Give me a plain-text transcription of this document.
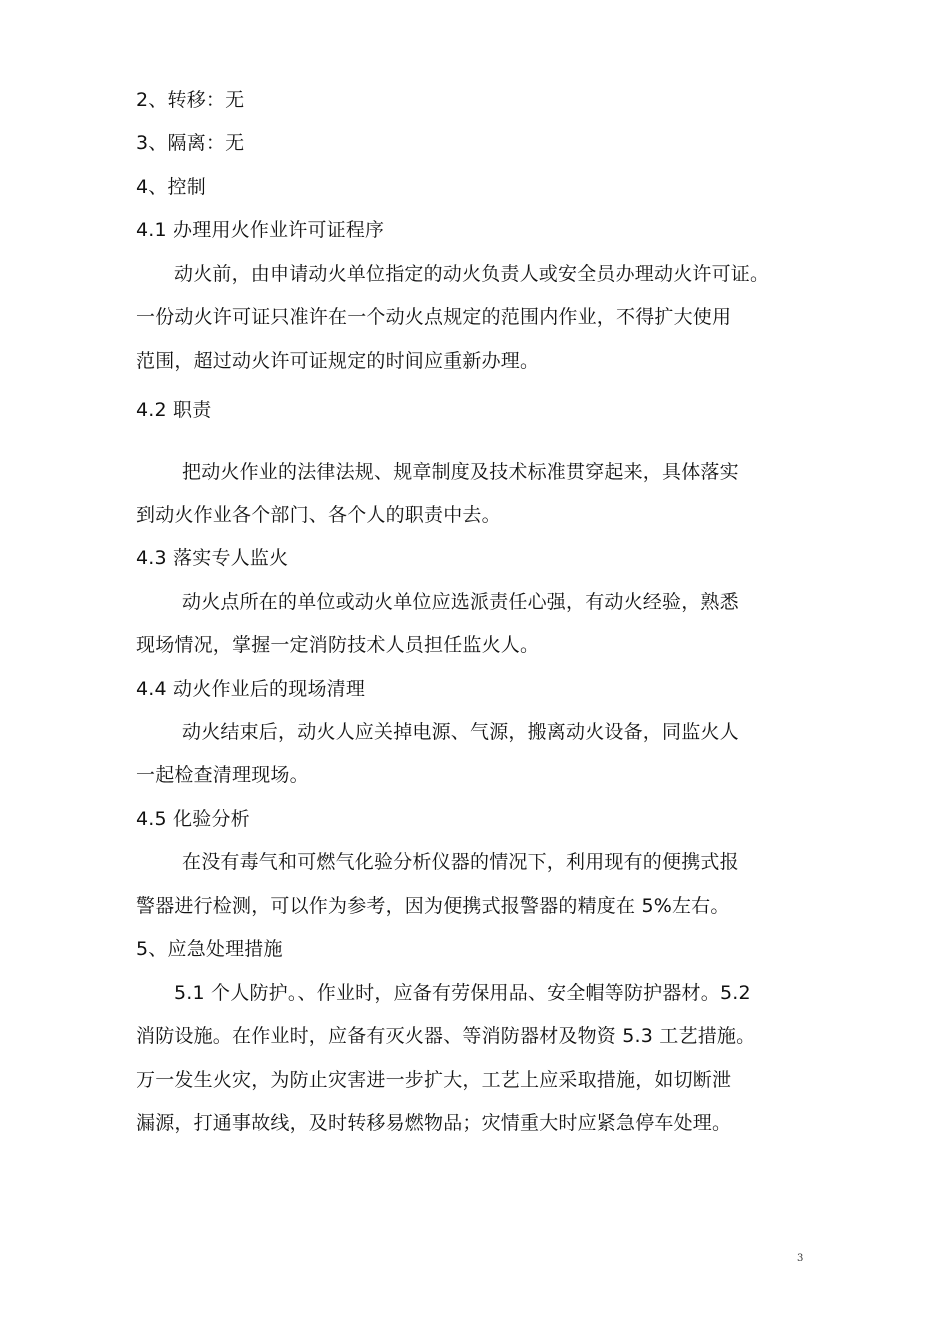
2、转移：无
3、隔离：无
4、控制
4.1 办理用火作业许可证程序
动火前，由申请动火单位指定的动火负责人或安全员办理动火许可证。
一份动火许可证只准许在一个动火点规定的范围内作业，不得扩大使用
范围，超过动火许可证规定的时间应重新办理。
4.2 职责
把动火作业的法律法规、规章制度及技术标准贯穿起来，具体落实
到动火作业各个部门、各个人的职责中去。
4.3 落实专人监火
动火点所在的单位或动火单位应选派责任心强，有动火经验，熟悉
现场情况，掌握一定消防技术人员担任监火人。
4.4 动火作业后的现场清理
动火结束后，动火人应关掉电源、气源，搬离动火设备，同监火人
一起检查清理现场。
4.5 化验分析
在没有毒气和可燃气化验分析仪器的情况下，利用现有的便携式报
警器进行检测，可以作为参考，因为便携式报警器的精度在 5%左右。
5、应急处理措施
5.1 个人防护。、作业时，应备有劳保用品、安全帽等防护器材。5.2
消防设施。在作业时，应备有灭火器、等消防器材及物资 5.3 工艺措施。
万一发生火灾，为防止灾害进一步扩大，工艺上应采取措施，如切断泄
漏源，打通事故线，及时转移易燃物品；灾情重大时应紧急停车处理。
3
